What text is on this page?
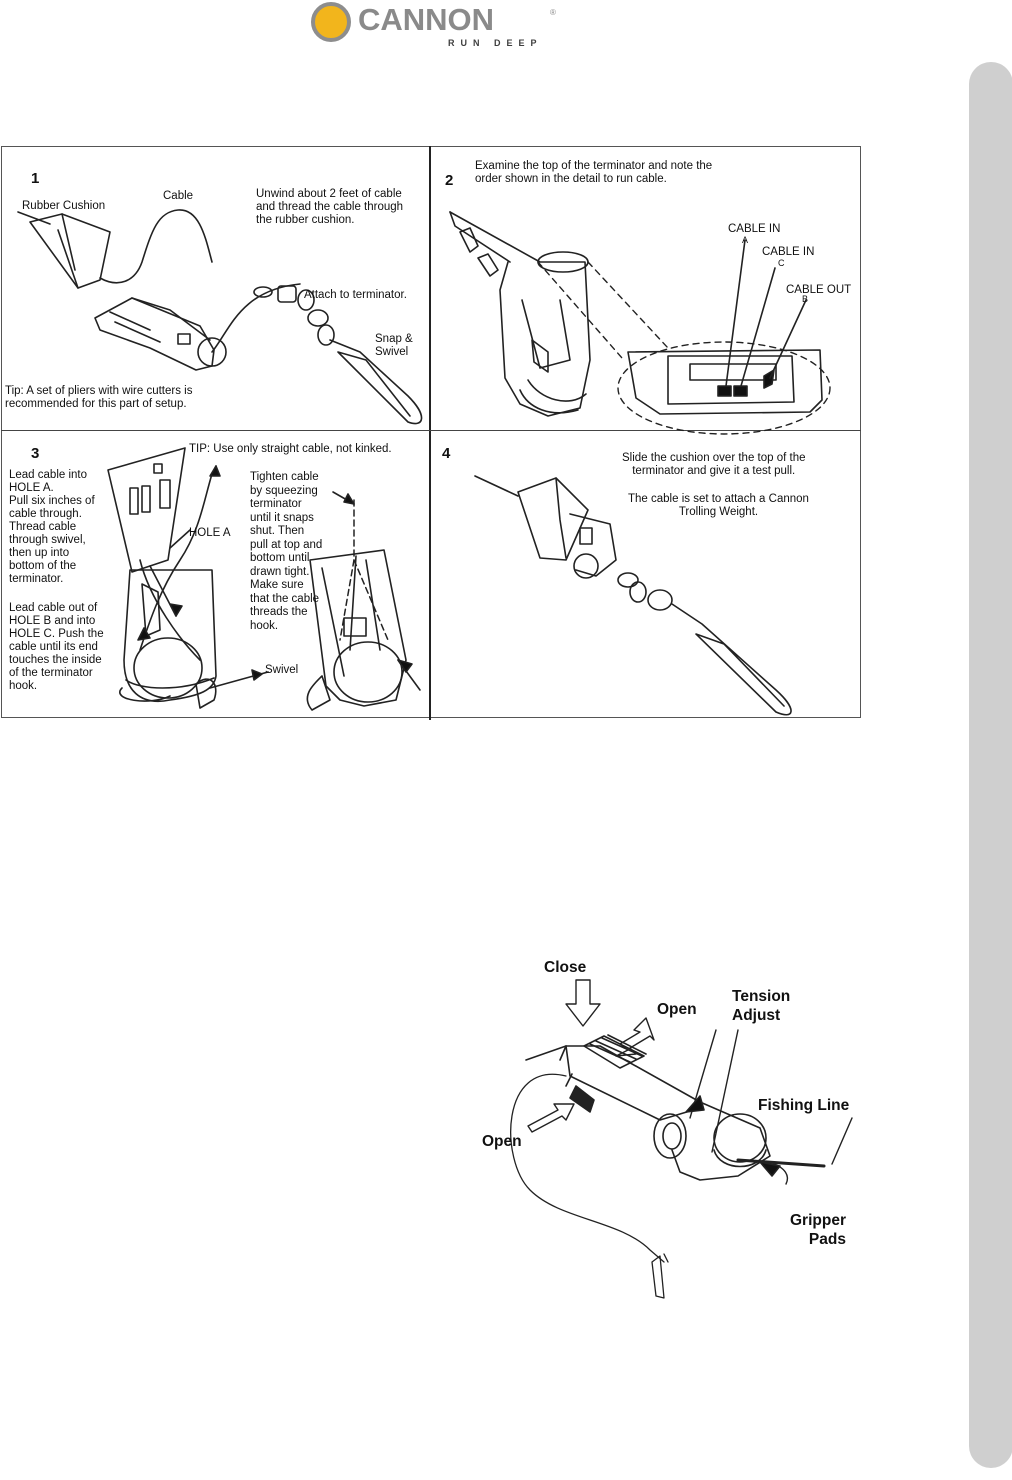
CANNON	®
RUN DEEP
1
Rubber Cushion
Cable	Unwind about 2 feet of cable
and thread the cable through
the rubber cushion.
Attach to terminator.
Snap &
Swivel
Tip: A set of pliers with wire cutters is
recommended for this part of setup.
2
Examine the top of the terminator and note the
order shown in the detail to run cable.
CABLE IN
A
CABLE IN
C
CABLE OUT
B
3	TIP: Use only straight cable, not kinked.
Lead cable into
HOLE A.
Pull six inches of
cable through.
Thread cable
through swivel,
then up into
bottom of the
terminator.
HOLE A
Lead cable out of
HOLE B and into
HOLE C. Push the
cable until its end
touches the inside
of the terminator
hook.
Swivel
Tighten cable
by squeezing
terminator
until it snaps
shut. Then
pull at top and
bottom until
drawn tight.
Make sure
that the cable
threads the
hook.
4	Slide the cushion over the top of the
terminator and give it a test pull.
The cable is set to attach a Cannon
Trolling Weight.
Close
Open
Tension
Adjust
Fishing Line
Open
Gripper
Pads
